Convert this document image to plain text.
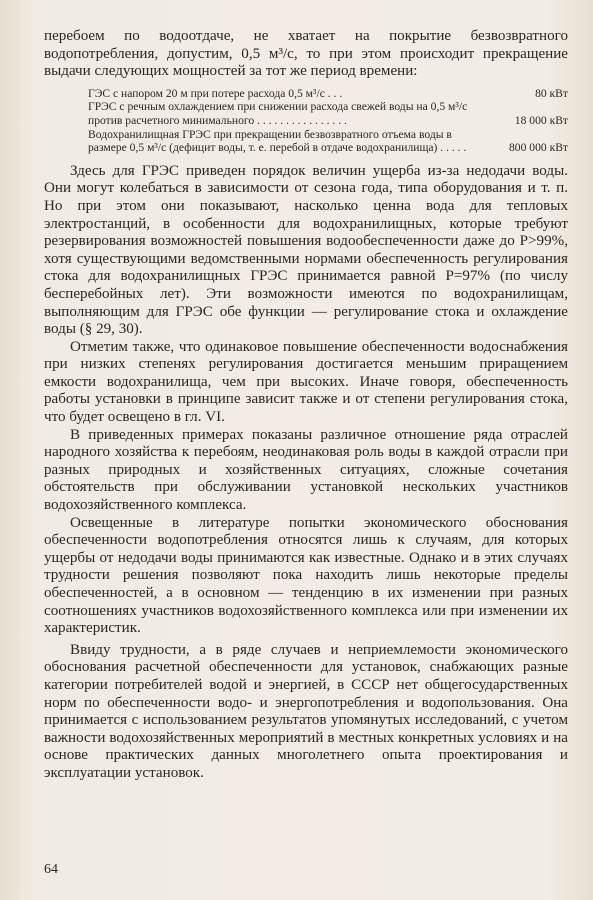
перебоем по водоотдаче, не хватает на покрытие безвозвратного водопотребления, допустим, 0,5 м³/с, то при этом происходит прекращение выдачи следующих мощностей за тот же период времени:

ГЭС с напором 20 м при потере расхода 0,5 м³/с . . .	80 кВт
ГРЭС с речным охлаждением при снижении расхода свежей воды на 0,5 м³/с против расчетного минимального . . . . . . . . . . . . . . . .	18 000 кВт
Водохранилищная ГРЭС при прекращении безвозвратного отъема воды в размере 0,5 м³/с (дефицит воды, т. е. перебой в отдаче водохранилища) . . . . .	800 000 кВт

Здесь для ГРЭС приведен порядок величин ущерба из-за недодачи воды. Они могут колебаться в зависимости от сезона года, типа оборудования и т. п. Но при этом они показывают, насколько ценна вода для тепловых электростанций, в особенности для водохранилищных, которые требуют резервирования возможностей повышения водообеспеченности даже до P>99%, хотя существующими ведомственными нормами обеспеченность регулирования стока для водохранилищных ГРЭС принимается равной P=97% (по числу бесперебойных лет). Эти возможности имеются по водохранилищам, выполняющим для ГРЭС обе функции — регулирование стока и охлаждение воды (§ 29, 30).

Отметим также, что одинаковое повышение обеспеченности водоснабжения при низких степенях регулирования достигается меньшим приращением емкости водохранилища, чем при высоких. Иначе говоря, обеспеченность работы установки в принципе зависит также и от степени регулирования стока, что будет освещено в гл. VI.

В приведенных примерах показаны различное отношение ряда отраслей народного хозяйства к перебоям, неодинаковая роль воды в каждой отрасли при разных природных и хозяйственных ситуациях, сложные сочетания обстоятельств при обслуживании установкой нескольких участников водохозяйственного комплекса.

Освещенные в литературе попытки экономического обоснования обеспеченности водопотребления относятся лишь к случаям, для которых ущербы от недодачи воды принимаются как известные. Однако и в этих случаях трудности решения позволяют пока находить лишь некоторые пределы обеспеченностей, а в основном — тенденцию в их изменении при разных соотношениях участников водохозяйственного комплекса или при изменении их характеристик.

Ввиду трудности, а в ряде случаев и неприемлемости экономического обоснования расчетной обеспеченности для установок, снабжающих разные категории потребителей водой и энергией, в СССР нет общегосударственных норм по обеспеченности водо- и энергопотребления и водопользования. Она принимается с использованием результатов упомянутых исследований, с учетом важности водохозяйственных мероприятий в местных конкретных условиях и на основе практических данных многолетнего опыта проектирования и эксплуатации установок.

64
